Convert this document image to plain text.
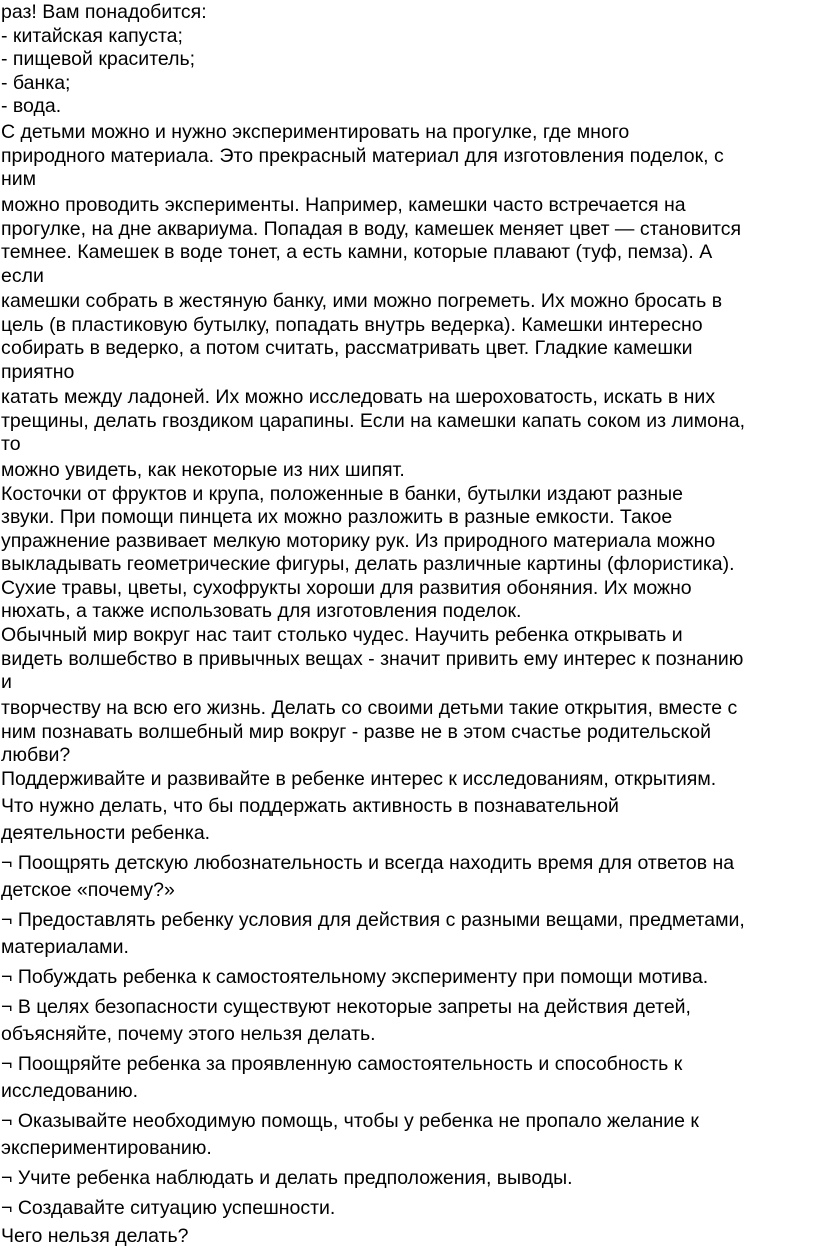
раз! Вам понадобится:
- китайская капуста;
- пищевой краситель;
- банка;
- вода.
С детьми можно и нужно экспериментировать на прогулке, где много
природного материала. Это прекрасный материал для изготовления поделок, с
ним
можно проводить эксперименты. Например, камешки часто встречается на
прогулке, на дне аквариума. Попадая в воду, камешек меняет цвет — становится
темнее. Камешек в воде тонет, а есть камни, которые плавают (туф, пемза). А
если
камешки собрать в жестяную банку, ими можно погреметь. Их можно бросать в
цель (в пластиковую бутылку, попадать внутрь ведерка). Камешки интересно
собирать в ведерко, а потом считать, рассматривать цвет. Гладкие камешки
приятно
катать между ладоней. Их можно исследовать на шероховатость, искать в них
трещины, делать гвоздиком царапины. Если на камешки капать соком из лимона,
то
можно увидеть, как некоторые из них шипят.
Косточки от фруктов и крупа, положенные в банки, бутылки издают разные
звуки. При помощи пинцета их можно разложить в разные емкости. Такое
упражнение развивает мелкую моторику рук. Из природного материала можно
выкладывать геометрические фигуры, делать различные картины (флористика).
Сухие травы, цветы, сухофрукты хороши для развития обоняния. Их можно
нюхать, а также использовать для изготовления поделок.
Обычный мир вокруг нас таит столько чудес. Научить ребенка открывать и
видеть волшебство в привычных вещах - значит привить ему интерес к познанию
и
творчеству на всю его жизнь. Делать со своими детьми такие открытия, вместе с
ним познавать волшебный мир вокруг - разве не в этом счастье родительской
любви?
Поддерживайте и развивайте в ребенке интерес к исследованиям, открытиям.
Что нужно делать, что бы поддержать активность в познавательной
деятельности ребенка.
¬ Поощрять детскую любознательность и всегда находить время для ответов на
детское «почему?»
¬ Предоставлять ребенку условия для действия с разными вещами, предметами,
материалами.
¬ Побуждать ребенка к самостоятельному эксперименту при помощи мотива.
¬ В целях безопасности существуют некоторые запреты на действия детей,
объясняйте, почему этого нельзя делать.
¬ Поощряйте ребенка за проявленную самостоятельность и способность к
исследованию.
¬ Оказывайте необходимую помощь, чтобы у ребенка не пропало желание к
экспериментированию.
¬ Учите ребенка наблюдать и делать предположения, выводы.
¬ Создавайте ситуацию успешности.
Чего нельзя делать?
